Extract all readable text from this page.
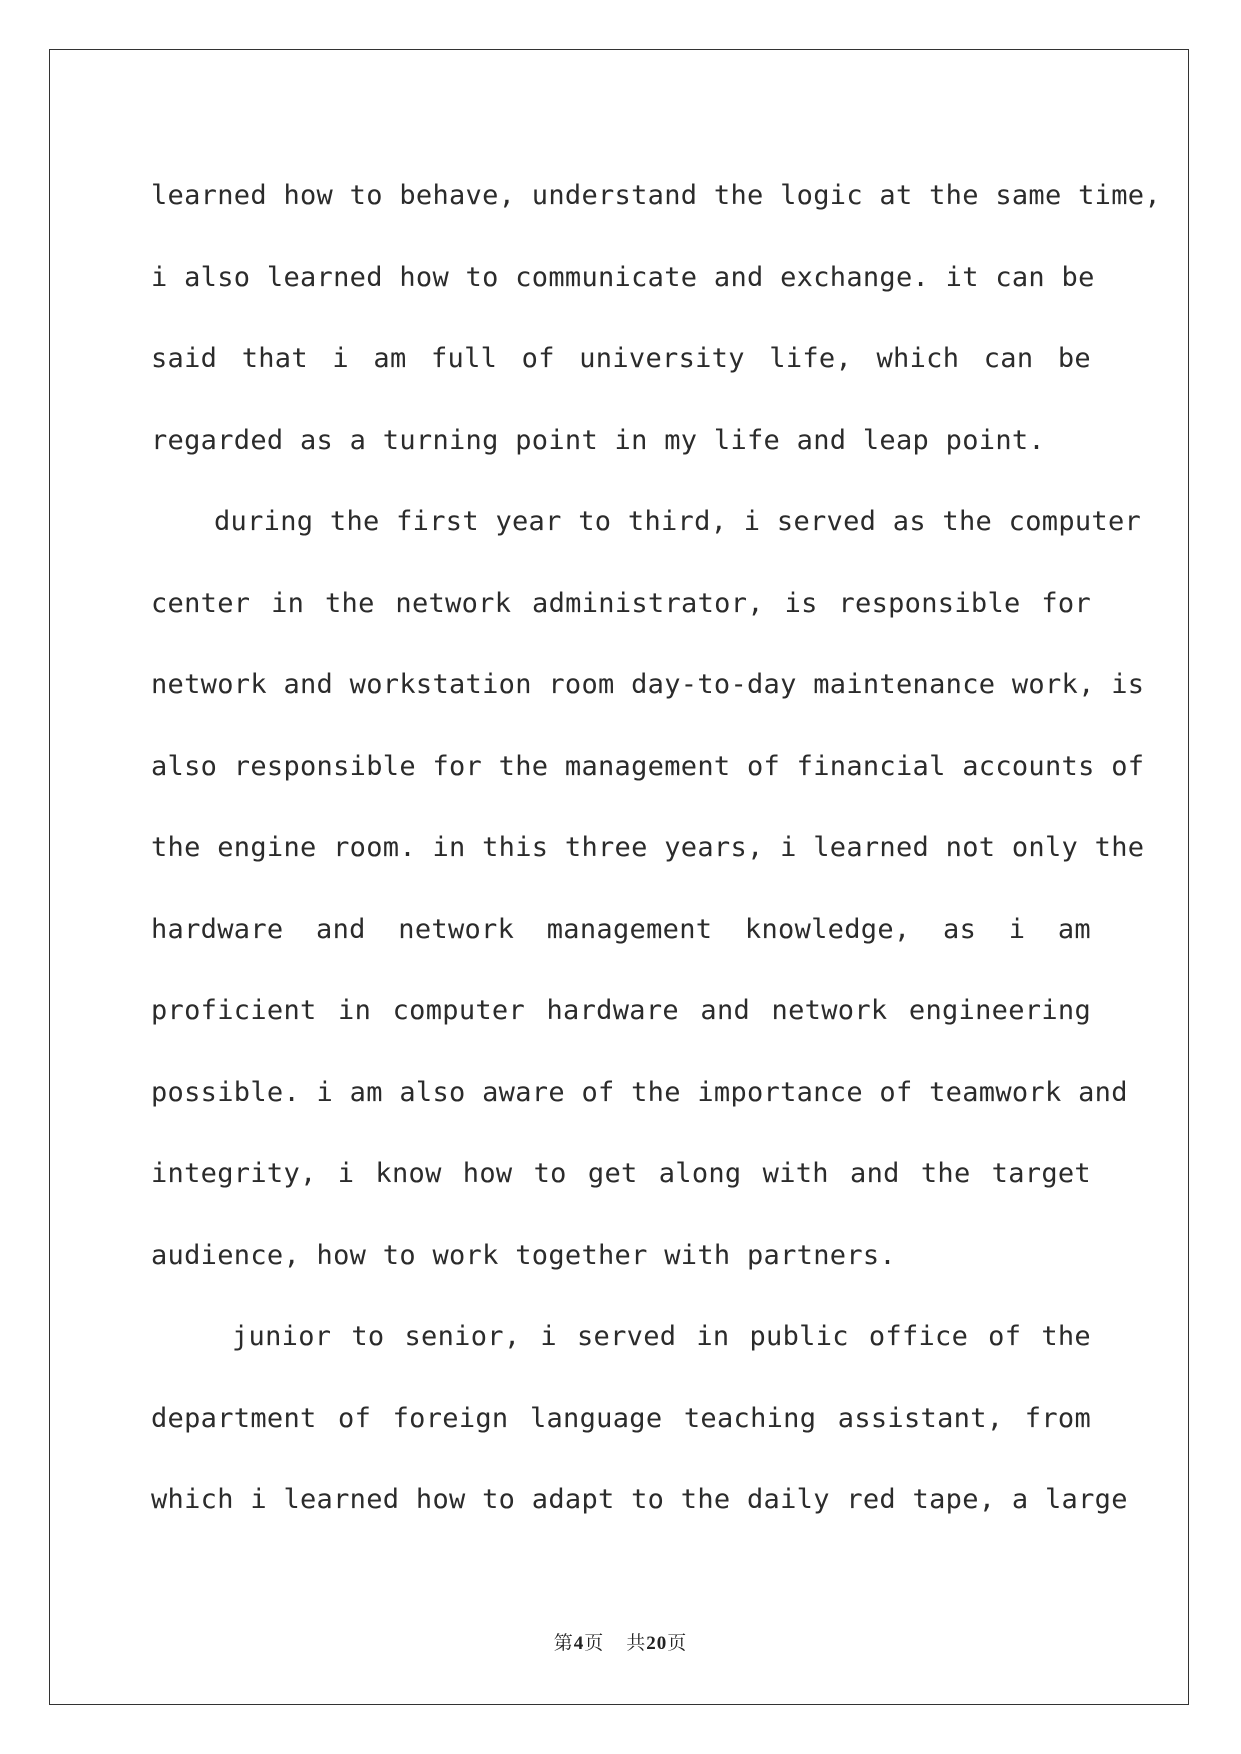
learned how to behave, understand the logic at the same time,
i also learned how to communicate and exchange. it can be
said that i am full of university life, which can be
regarded as a turning point in my life and leap point.
during the first year to third, i served as the computer
center in the network administrator, is responsible for
network and workstation room day-to-day maintenance work, is
also responsible for the management of financial accounts of
the engine room. in this three years, i learned not only the
hardware and network management knowledge, as i am
proficient in computer hardware and network engineering
possible. i am also aware of the importance of teamwork and
integrity, i know how to get along with and the target
audience, how to work together with partners.
junior to senior, i served in public office of the
department of foreign language teaching assistant, from
which i learned how to adapt to the daily red tape, a large
第4页 共20页
